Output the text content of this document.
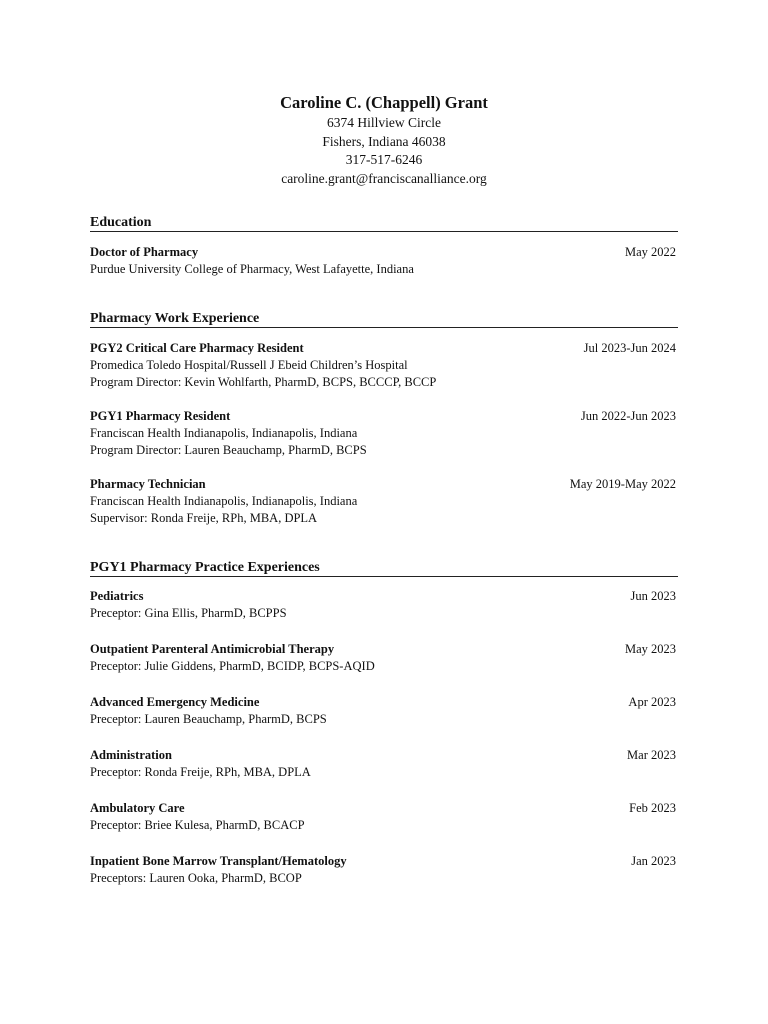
Caroline C. (Chappell) Grant
6374 Hillview Circle
Fishers, Indiana 46038
317-517-6246
caroline.grant@franciscanalliance.org
Education
Doctor of Pharmacy
Purdue University College of Pharmacy, West Lafayette, Indiana
May 2022
Pharmacy Work Experience
PGY2 Critical Care Pharmacy Resident
Promedica Toledo Hospital/Russell J Ebeid Children’s Hospital
Program Director: Kevin Wohlfarth, PharmD, BCPS, BCCCP, BCCP
Jul 2023-Jun 2024
PGY1 Pharmacy Resident
Franciscan Health Indianapolis, Indianapolis, Indiana
Program Director: Lauren Beauchamp, PharmD, BCPS
Jun 2022-Jun 2023
Pharmacy Technician
Franciscan Health Indianapolis, Indianapolis, Indiana
Supervisor: Ronda Freije, RPh, MBA, DPLA
May 2019-May 2022
PGY1 Pharmacy Practice Experiences
Pediatrics
Preceptor: Gina Ellis, PharmD, BCPPS
Jun 2023
Outpatient Parenteral Antimicrobial Therapy
Preceptor: Julie Giddens, PharmD, BCIDP, BCPS-AQID
May 2023
Advanced Emergency Medicine
Preceptor: Lauren Beauchamp, PharmD, BCPS
Apr 2023
Administration
Preceptor: Ronda Freije, RPh, MBA, DPLA
Mar 2023
Ambulatory Care
Preceptor: Briee Kulesa, PharmD, BCACP
Feb 2023
Inpatient Bone Marrow Transplant/Hematology
Preceptors: Lauren Ooka, PharmD, BCOP
Jan 2023
